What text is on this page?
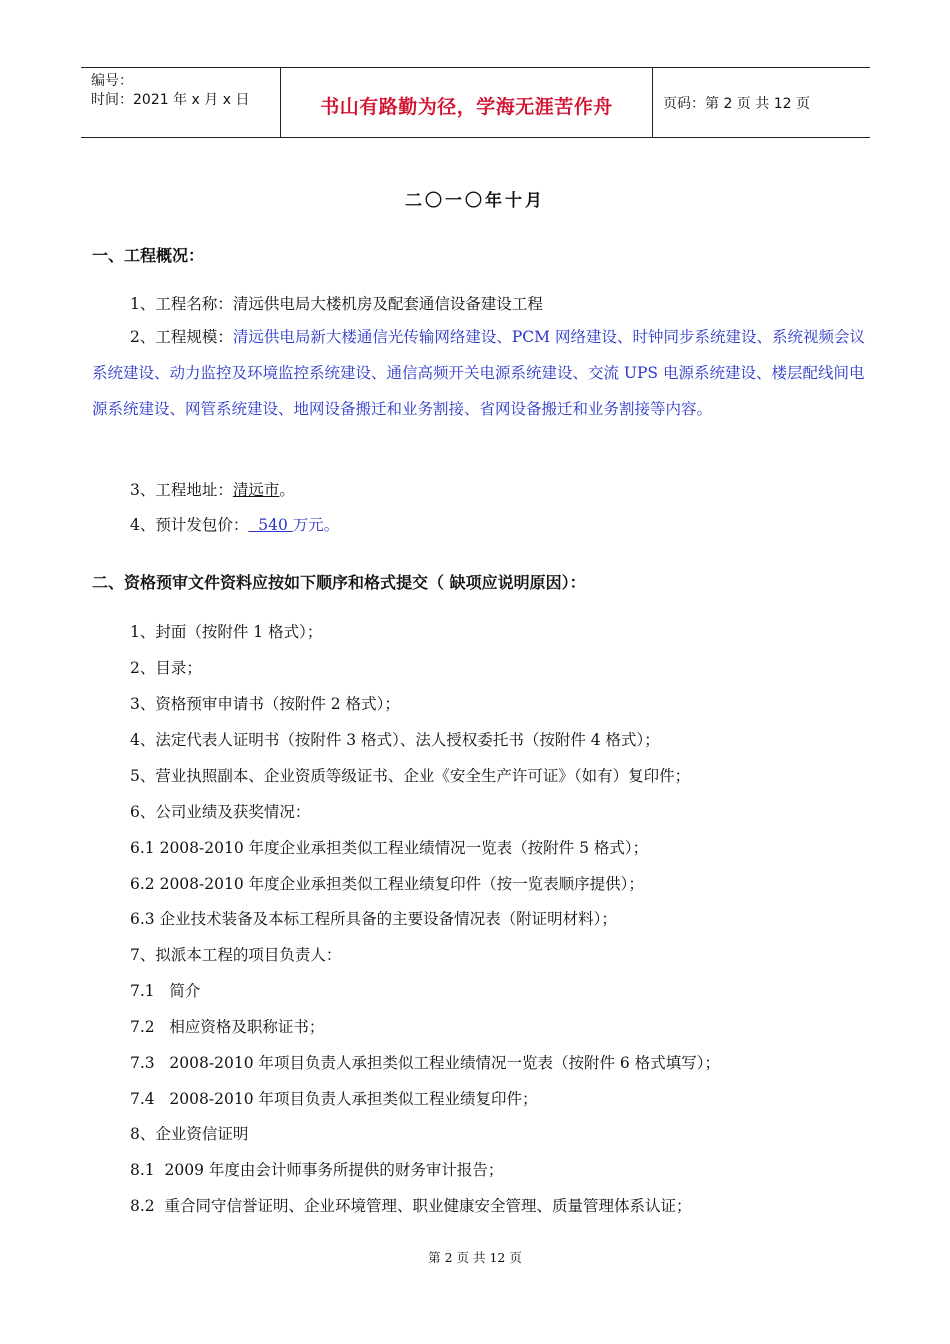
编号：
时间：2021 年 x 月 x 日	书山有路勤为径，学海无涯苦作舟	页码：第 2 页 共 12 页
二〇一〇年十月
一、工程概况：
1、工程名称：清远供电局大楼机房及配套通信设备建设工程
2、工程规模：清远供电局新大楼通信光传输网络建设、PCM 网络建设、时钟同步系统建设、系统视频会议系统建设、动力监控及环境监控系统建设、通信高频开关电源系统建设、交流 UPS 电源系统建设、楼层配线间电源系统建设、网管系统建设、地网设备搬迁和业务割接、省网设备搬迁和业务割接等内容。
3、工程地址：清远市。
4、预计发包价：  540 万元。
二、资格预审文件资料应按如下顺序和格式提交（ 缺项应说明原因）：
1、封面（按附件 1 格式）；
2、目录；
3、资格预审申请书（按附件 2 格式）；
4、法定代表人证明书（按附件 3 格式）、法人授权委托书（按附件 4 格式）；
5、营业执照副本、企业资质等级证书、企业《安全生产许可证》（如有）复印件；
6、公司业绩及获奖情况：
6.1 2008-2010 年度企业承担类似工程业绩情况一览表（按附件 5 格式）；
6.2 2008-2010 年度企业承担类似工程业绩复印件（按一览表顺序提供）；
6.3 企业技术装备及本标工程所具备的主要设备情况表（附证明材料）；
7、拟派本工程的项目负责人：
7.1   简介
7.2   相应资格及职称证书；
7.3   2008-2010 年项目负责人承担类似工程业绩情况一览表（按附件 6 格式填写）；
7.4   2008-2010 年项目负责人承担类似工程业绩复印件；
8、企业资信证明
8.1  2009 年度由会计师事务所提供的财务审计报告；
8.2  重合同守信誉证明、企业环境管理、职业健康安全管理、质量管理体系认证；
第 2 页 共 12 页
